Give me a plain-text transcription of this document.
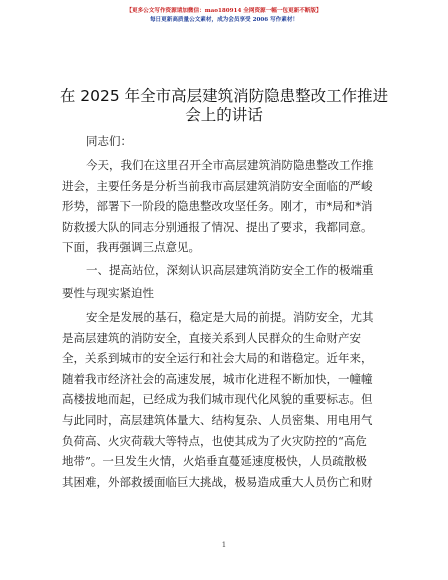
【更多公文写作资源请加微信：mao180914 全网资源一幅一包更新不断版】
每日更新高质量公文素材，成为会员享受 2006 写作素材！
在 2025 年全市高层建筑消防隐患整改工作推进
会上的讲话
同志们：
今天，我们在这里召开全市高层建筑消防隐患整改工作推
进会，主要任务是分析当前我市高层建筑消防安全面临的严峻
形势，部署下一阶段的隐患整改攻坚任务。刚才，市*局和*消
防救援大队的同志分别通报了情况、提出了要求，我都同意。
下面，我再强调三点意见。
一、提高站位，深刻认识高层建筑消防安全工作的极端重
要性与现实紧迫性
安全是发展的基石，稳定是大局的前提。消防安全，尤其
是高层建筑的消防安全，直接关系到人民群众的生命财产安
全，关系到城市的安全运行和社会大局的和谐稳定。近年来，
随着我市经济社会的高速发展，城市化进程不断加快，一幢幢
高楼拔地而起，已经成为我们城市现代化风貌的重要标志。但
与此同时，高层建筑体量大、结构复杂、人员密集、用电用气
负荷高、火灾荷载大等特点，也使其成为了火灾防控的“高危
地带”。一旦发生火情，火焰垂直蔓延速度极快，人员疏散极
其困难，外部救援面临巨大挑战，极易造成重大人员伤亡和财
1
